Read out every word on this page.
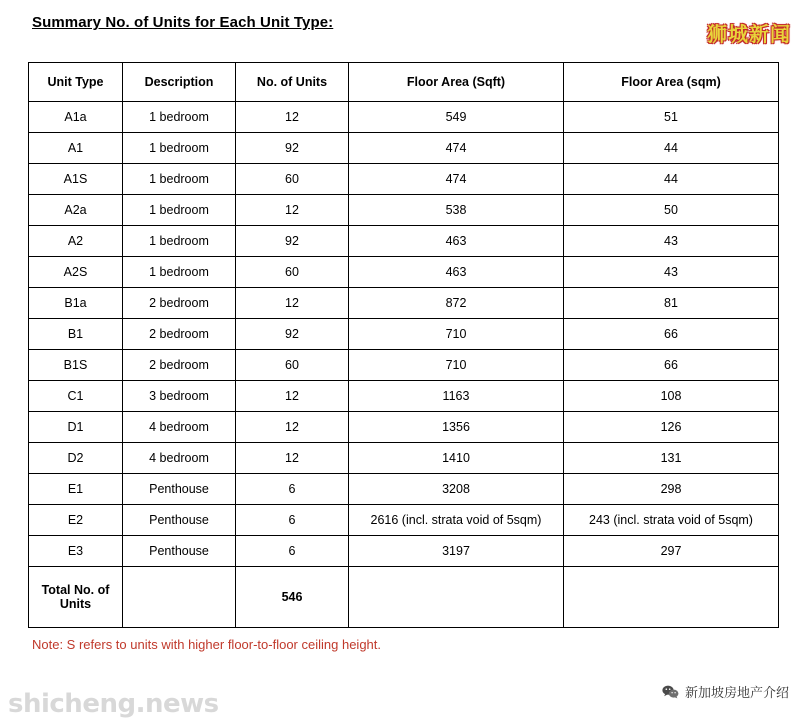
Summary No. of Units for Each Unit Type:	狮城新闻
Unit Type	Description	No. of Units	Floor Area (Sqft)	Floor Area (sqm)
A1a	1 bedroom	12	549	51
A1	1 bedroom	92	474	44
A1S	1 bedroom	60	474	44
A2a	1 bedroom	12	538	50
A2	1 bedroom	92	463	43
A2S	1 bedroom	60	463	43
B1a	2 bedroom	12	872	81
B1	2 bedroom	92	710	66
B1S	2 bedroom	60	710	66
C1	3 bedroom	12	1163	108
D1	4 bedroom	12	1356	126
D2	4 bedroom	12	1410	131
E1	Penthouse	6	3208	298
E2	Penthouse	6	2616 (incl. strata void of 5sqm)	243 (incl. strata void of 5sqm)
E3	Penthouse	6	3197	297
Total No. of Units		546		
Note: S refers to units with higher floor-to-floor ceiling height.
新加坡房地产介绍
shicheng.news
